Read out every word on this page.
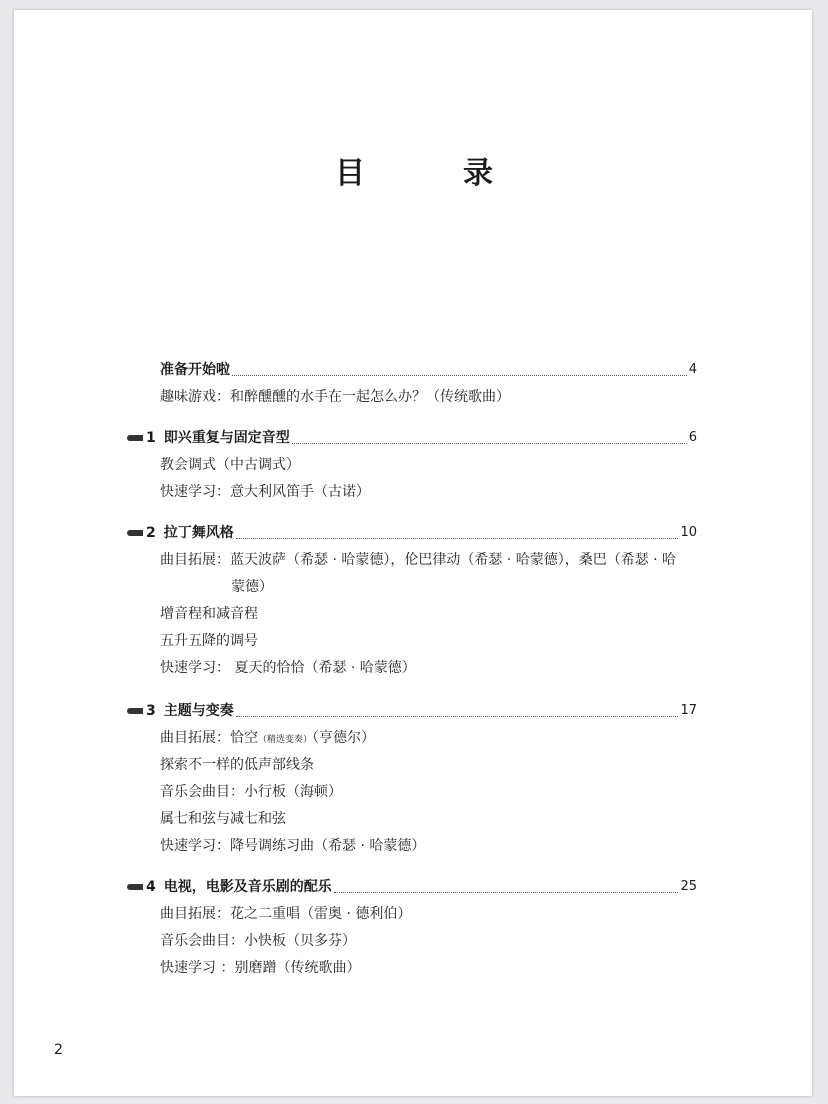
目　录
准备开始啦	4
趣味游戏：和醉醺醺的水手在一起怎么办？（传统歌曲）
1 即兴重复与固定音型	6
教会调式（中古调式）
快速学习：意大利风笛手（古诺）
2 拉丁舞风格	10
曲目拓展：蓝天波萨（希瑟 · 哈蒙德），伦巴律动（希瑟 · 哈蒙德），桑巴（希瑟 · 哈
蒙德）
增音程和减音程
五升五降的调号
快速学习： 夏天的恰恰（希瑟 · 哈蒙德）
3 主题与变奏	17
曲目拓展：恰空（精选变奏）（亨德尔）
探索不一样的低声部线条
音乐会曲目：小行板（海顿）
属七和弦与减七和弦
快速学习：降号调练习曲（希瑟 · 哈蒙德）
4 电视，电影及音乐剧的配乐	25
曲目拓展：花之二重唱（雷奥 · 德利伯）
音乐会曲目：小快板（贝多芬）
快速学习 ：别磨蹭（传统歌曲）
2
